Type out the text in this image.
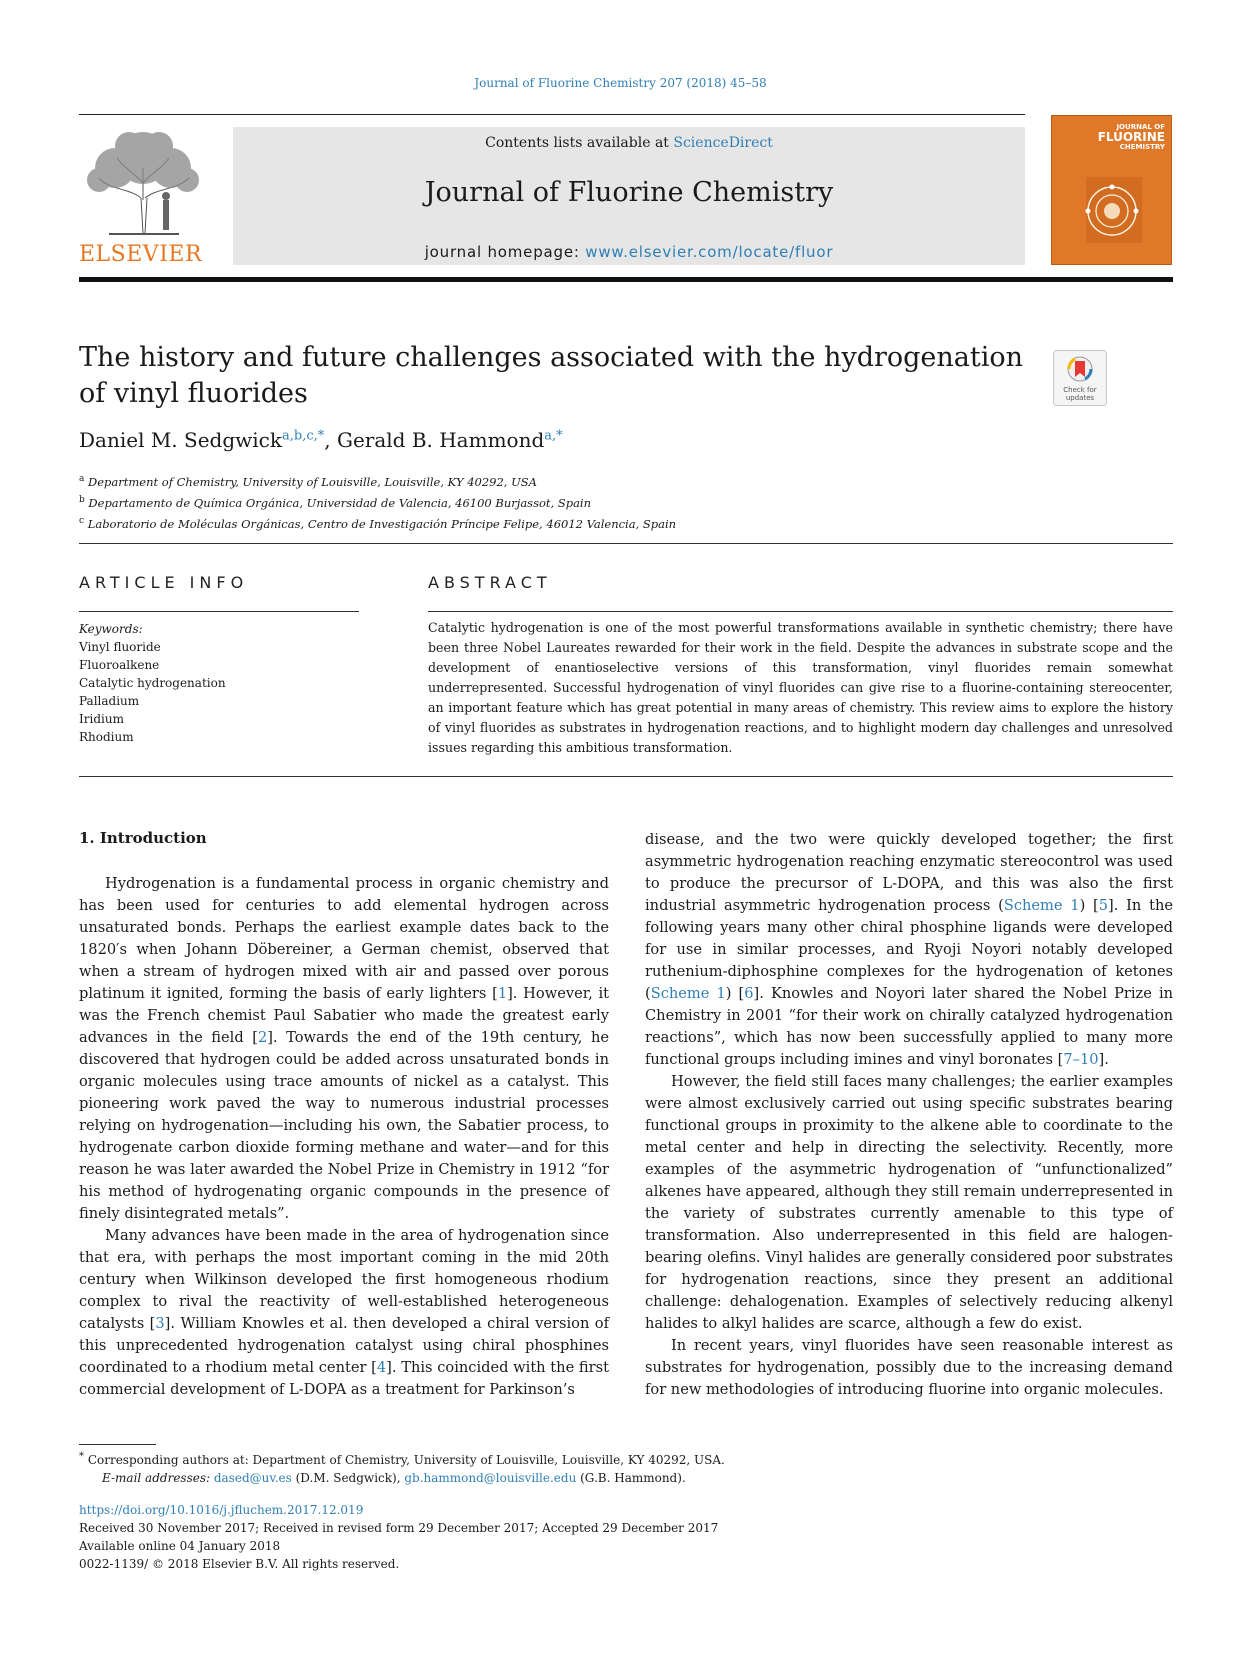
Journal of Fluorine Chemistry 207 (2018) 45–58
ELSEVIER
Contents lists available at ScienceDirect
Journal of Fluorine Chemistry
journal homepage: www.elsevier.com/locate/fluor
JOURNAL OF
FLUORINE
CHEMISTRY
The history and future challenges associated with the hydrogenation of vinyl fluorides	Check for
updates
Daniel M. Sedgwick$^{a,b,c,*}$, Gerald B. Hammond$^{a,*}$
$^a$ Department of Chemistry, University of Louisville, Louisville, KY 40292, USA
$^b$ Departamento de Química Orgánica, Universidad de Valencia, 46100 Burjassot, Spain
$^c$ Laboratorio de Moléculas Orgánicas, Centro de Investigación Príncipe Felipe, 46012 Valencia, Spain
ARTICLE INFO	ABSTRACT
Keywords:
Vinyl fluoride
Fluoroalkene
Catalytic hydrogenation
Palladium
Iridium
Rhodium
Catalytic hydrogenation is one of the most powerful transformations available in synthetic chemistry; there have been three Nobel Laureates rewarded for their work in the field. Despite the advances in substrate scope and the development of enantioselective versions of this transformation, vinyl fluorides remain somewhat underrepresented. Successful hydrogenation of vinyl fluorides can give rise to a fluorine-containing stereocenter, an important feature which has great potential in many areas of chemistry. This review aims to explore the history of vinyl fluorides as substrates in hydrogenation reactions, and to highlight modern day challenges and unresolved issues regarding this ambitious transformation.
1. Introduction

Hydrogenation is a fundamental process in organic chemistry and has been used for centuries to add elemental hydrogen across unsaturated bonds. Perhaps the earliest example dates back to the 1820′s when Johann Döbereiner, a German chemist, observed that when a stream of hydrogen mixed with air and passed over porous platinum it ignited, forming the basis of early lighters [1]. However, it was the French chemist Paul Sabatier who made the greatest early advances in the field [2]. Towards the end of the 19th century, he discovered that hydrogen could be added across unsaturated bonds in organic molecules using trace amounts of nickel as a catalyst. This pioneering work paved the way to numerous industrial processes relying on hydrogenation—including his own, the Sabatier process, to hydrogenate carbon dioxide forming methane and water—and for this reason he was later awarded the Nobel Prize in Chemistry in 1912 “for his method of hydrogenating organic compounds in the presence of finely disintegrated metals”.

Many advances have been made in the area of hydrogenation since that era, with perhaps the most important coming in the mid 20th century when Wilkinson developed the first homogeneous rhodium complex to rival the reactivity of well-established heterogeneous catalysts [3]. William Knowles et al. then developed a chiral version of this unprecedented hydrogenation catalyst using chiral phosphines coordinated to a rhodium metal center [4]. This coincided with the first commercial development of L-DOPA as a treatment for Parkinson’s

disease, and the two were quickly developed together; the first asymmetric hydrogenation reaching enzymatic stereocontrol was used to produce the precursor of L-DOPA, and this was also the first industrial asymmetric hydrogenation process (Scheme 1) [5]. In the following years many other chiral phosphine ligands were developed for use in similar processes, and Ryoji Noyori notably developed ruthenium-diphosphine complexes for the hydrogenation of ketones (Scheme 1) [6]. Knowles and Noyori later shared the Nobel Prize in Chemistry in 2001 “for their work on chirally catalyzed hydrogenation reactions”, which has now been successfully applied to many more functional groups including imines and vinyl boronates [7–10].

However, the field still faces many challenges; the earlier examples were almost exclusively carried out using specific substrates bearing functional groups in proximity to the alkene able to coordinate to the metal center and help in directing the selectivity. Recently, more examples of the asymmetric hydrogenation of “unfunctionalized” alkenes have appeared, although they still remain underrepresented in the variety of substrates currently amenable to this type of transformation. Also underrepresented in this field are halogen-bearing olefins. Vinyl halides are generally considered poor substrates for hydrogenation reactions, since they present an additional challenge: dehalogenation. Examples of selectively reducing alkenyl halides to alkyl halides are scarce, although a few do exist.

In recent years, vinyl fluorides have seen reasonable interest as substrates for hydrogenation, possibly due to the increasing demand for new methodologies of introducing fluorine into organic molecules.

* Corresponding authors at: Department of Chemistry, University of Louisville, Louisville, KY 40292, USA.
E-mail addresses: dased@uv.es (D.M. Sedgwick), gb.hammond@louisville.edu (G.B. Hammond).
https://doi.org/10.1016/j.jfluchem.2017.12.019
Received 30 November 2017; Received in revised form 29 December 2017; Accepted 29 December 2017
Available online 04 January 2018
0022-1139/ © 2018 Elsevier B.V. All rights reserved.
